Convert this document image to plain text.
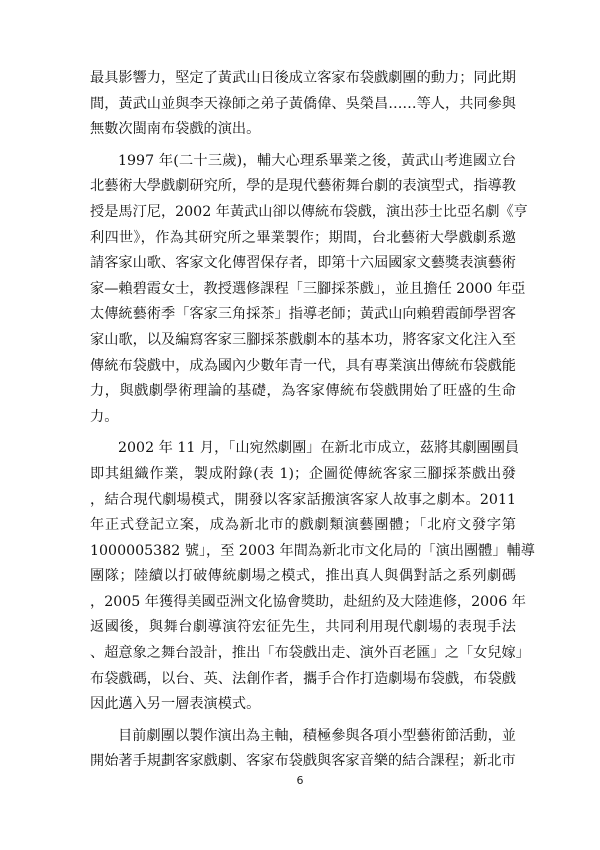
最具影響力，堅定了黃武山日後成立客家布袋戲劇團的動力；同此期
間，黃武山並與李天祿師之弟子黃僑偉、吳榮昌……等人，共同參與
無數次閩南布袋戲的演出。
1997 年(二十三歲)，輔大心理系畢業之後，黃武山考進國立台
北藝術大學戲劇研究所，學的是現代藝術舞台劇的表演型式，指導教
授是馬汀尼，2002 年黃武山卻以傳統布袋戲，演出莎士比亞名劇《亨
利四世》，作為其研究所之畢業製作；期間，台北藝術大學戲劇系邀
請客家山歌、客家文化傳習保存者，即第十六屆國家文藝獎表演藝術
家—賴碧霞女士，教授選修課程「三腳採茶戲」，並且擔任 2000 年亞
太傳統藝術季「客家三角採茶」指導老師；黃武山向賴碧霞師學習客
家山歌，以及編寫客家三腳採茶戲劇本的基本功，將客家文化注入至
傳統布袋戲中，成為國內少數年青一代，具有專業演出傳統布袋戲能
力，與戲劇學術理論的基礎，為客家傳統布袋戲開始了旺盛的生命
力。
2002 年 11 月，「山宛然劇團」在新北市成立，茲將其劇團團員
即其組織作業，製成附錄(表 1)；企圖從傳統客家三腳採茶戲出發
，結合現代劇場模式，開發以客家話搬演客家人故事之劇本。2011
年正式登記立案，成為新北市的戲劇類演藝團體；「北府文發字第
1000005382 號」，至 2003 年間為新北市文化局的「演出團體」輔導
團隊；陸續以打破傳統劇場之模式，推出真人與偶對話之系列劇碼
，2005 年獲得美國亞洲文化協會獎助，赴紐約及大陸進修，2006 年
返國後，與舞台劇導演符宏征先生，共同利用現代劇場的表現手法
、超意象之舞台設計，推出「布袋戲出走、演外百老匯」之「女兒嫁」
布袋戲碼，以台、英、法創作者，攜手合作打造劇場布袋戲，布袋戲
因此邁入另一層表演模式。
目前劇團以製作演出為主軸，積極參與各項小型藝術節活動，並
開始著手規劃客家戲劇、客家布袋戲與客家音樂的結合課程；新北市
6
